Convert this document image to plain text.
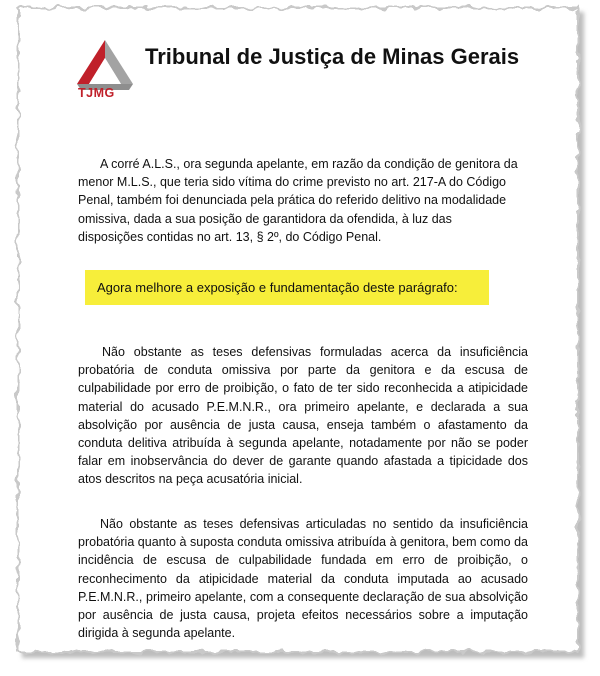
TJMG
Tribunal de Justiça de Minas Gerais

A corré A.L.S., ora segunda apelante, em razão da condição de genitora da menor M.L.S., que teria sido vítima do crime previsto no art. 217-A do Código Penal, também foi denunciada pela prática do referido delitivo na modalidade omissiva, dada a sua posição de garantidora da ofendida, à luz das disposições contidas no art. 13, § 2º, do Código Penal.

Agora melhore a exposição e fundamentação deste parágrafo:

Não obstante as teses defensivas formuladas acerca da insuficiência probatória de conduta omissiva por parte da genitora e da escusa de culpabilidade por erro de proibição, o fato de ter sido reconhecida a atipicidade material do acusado P.E.M.N.R., ora primeiro apelante, e declarada a sua absolvição por ausência de justa causa, enseja também o afastamento da conduta delitiva atribuída à segunda apelante, notadamente por não se poder falar em inobservância do dever de garante quando afastada a tipicidade dos atos descritos na peça acusatória inicial.

Não obstante as teses defensivas articuladas no sentido da insuficiência probatória quanto à suposta conduta omissiva atribuída à genitora, bem como da incidência de escusa de culpabilidade fundada em erro de proibição, o reconhecimento da atipicidade material da conduta imputada ao acusado P.E.M.N.R., primeiro apelante, com a consequente declaração de sua absolvição por ausência de justa causa, projeta efeitos necessários sobre a imputação dirigida à segunda apelante.
